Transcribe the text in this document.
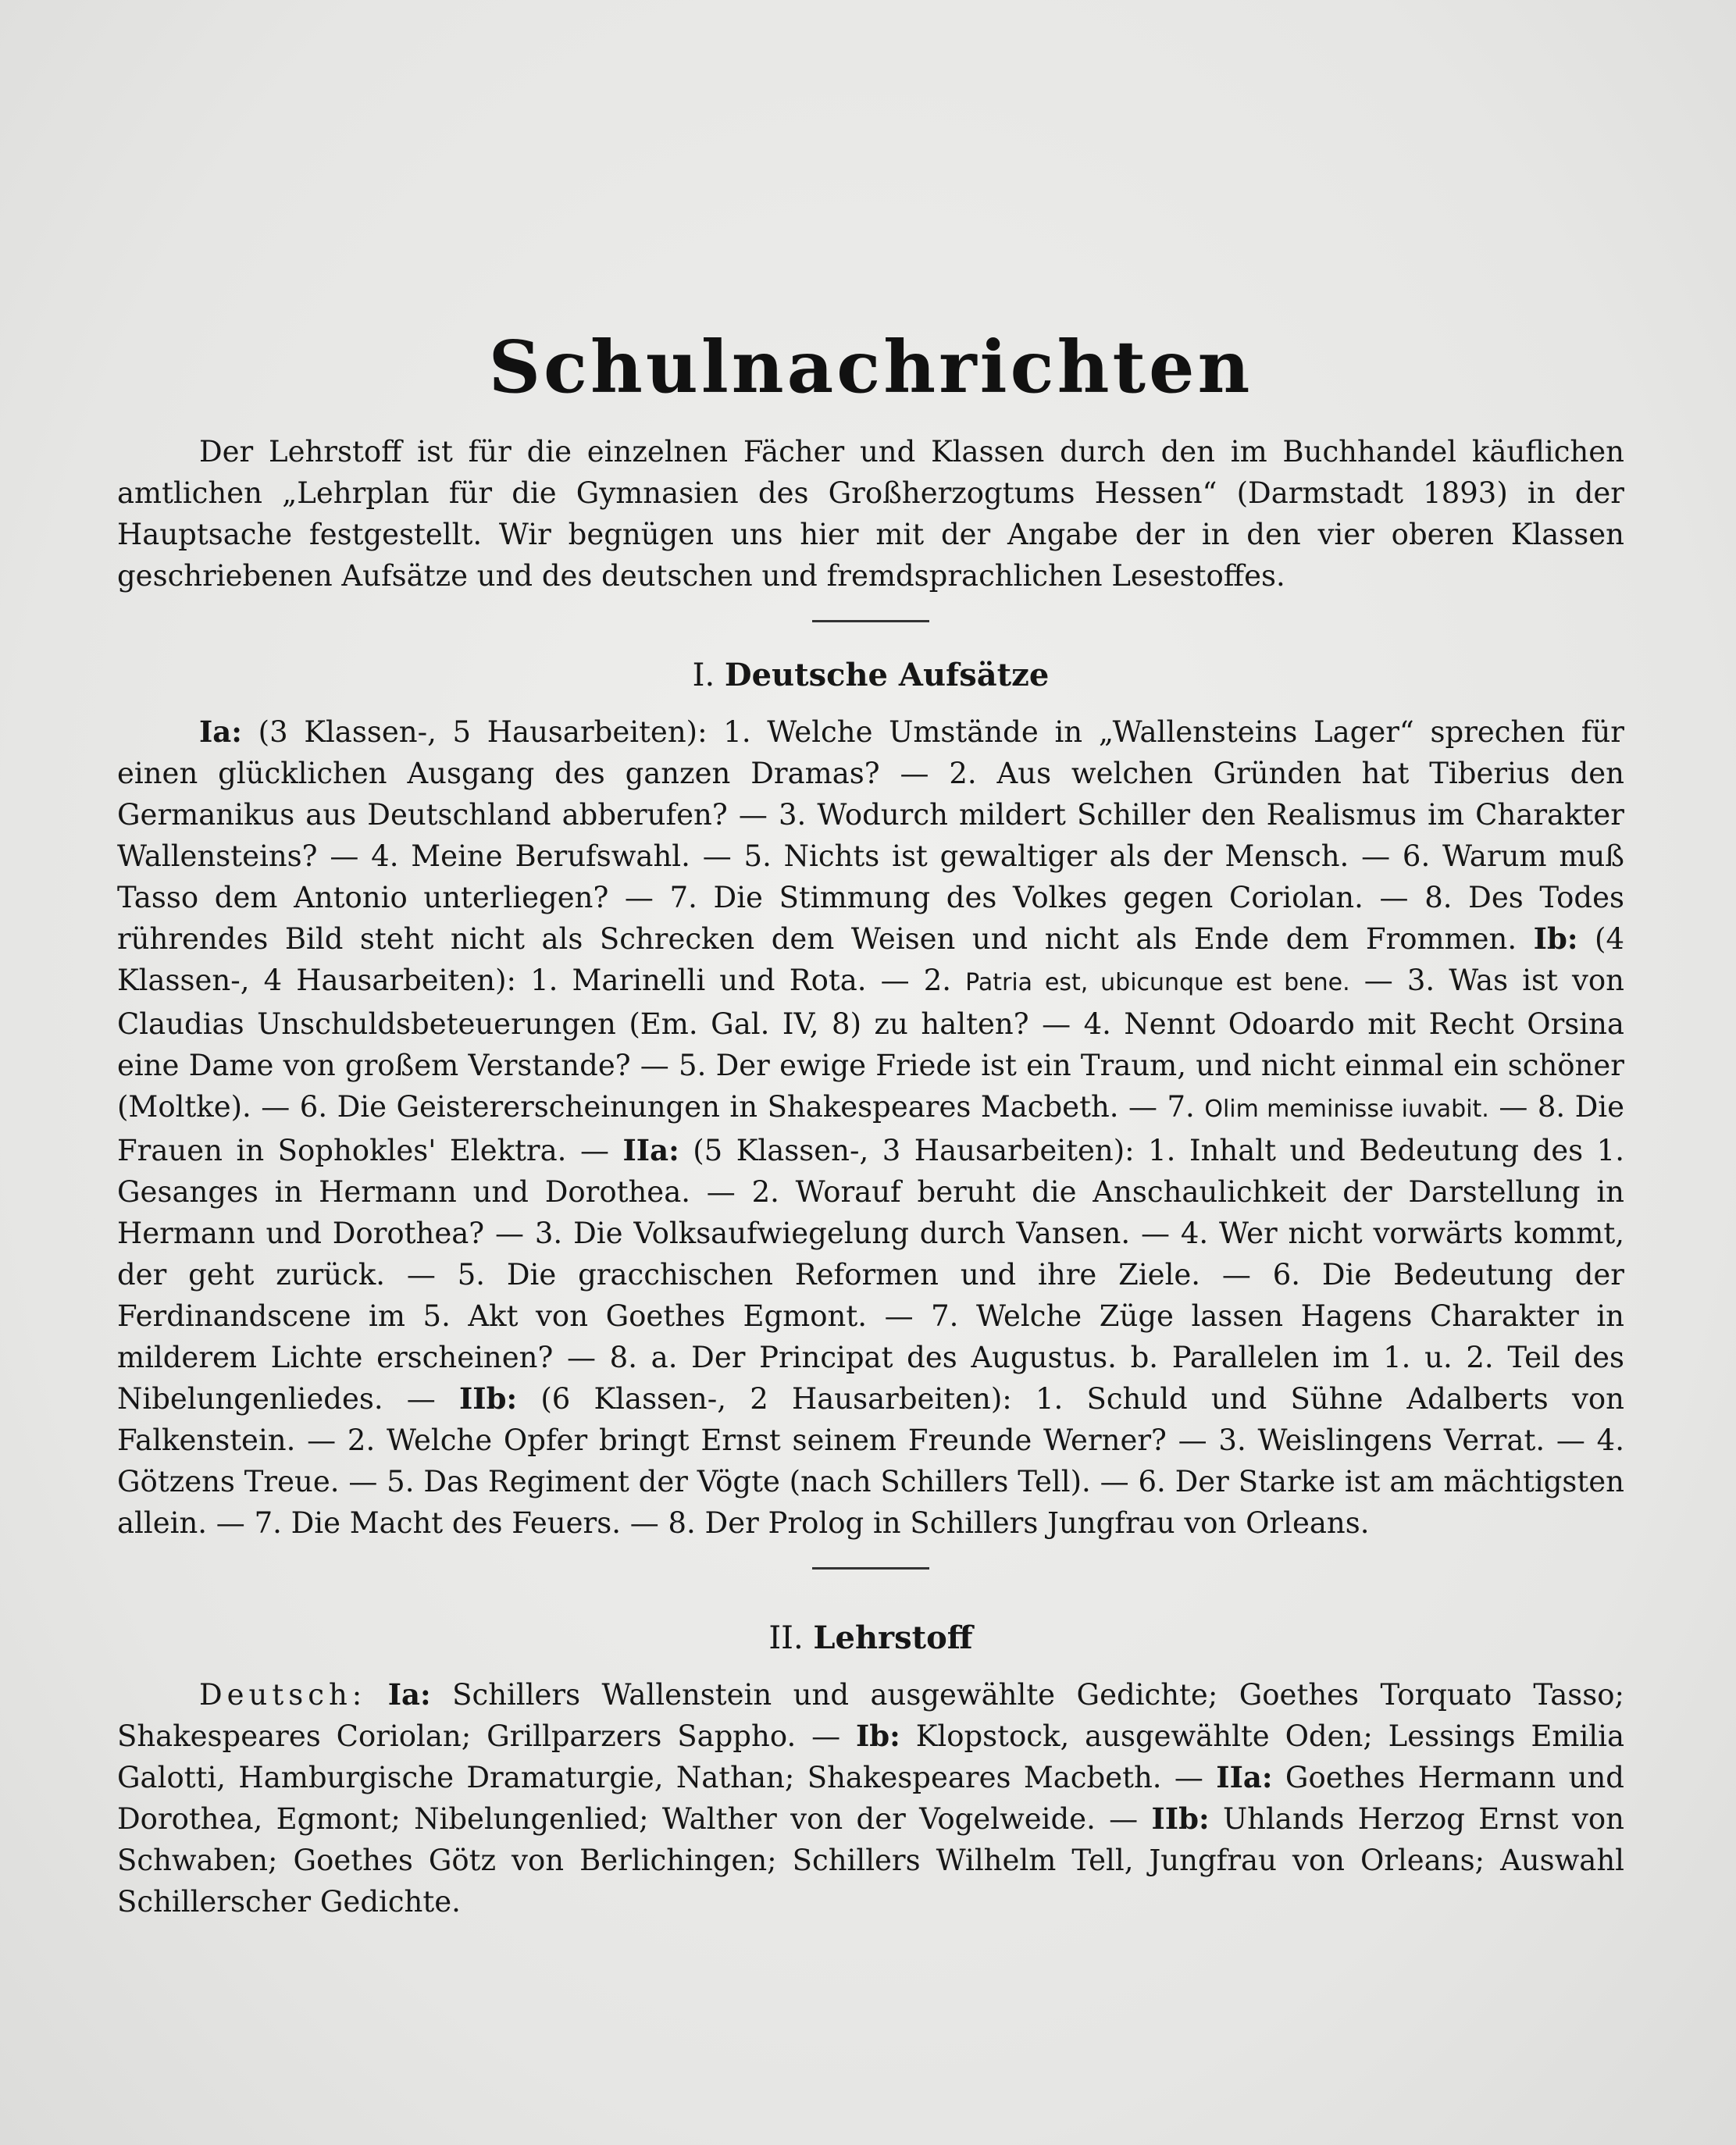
Schulnachrichten

Der Lehrstoff ist für die einzelnen Fächer und Klassen durch den im Buchhandel käuflichen amtlichen „Lehrplan für die Gymnasien des Großherzogtums Hessen“ (Darmstadt 1893) in der Hauptsache festgestellt. Wir begnügen uns hier mit der Angabe der in den vier oberen Klassen geschriebenen Aufsätze und des deutschen und fremdsprachlichen Lesestoffes.

I. Deutsche Aufsätze

Ia: (3 Klassen-, 5 Hausarbeiten): 1. Welche Umstände in „Wallensteins Lager“ sprechen für einen glücklichen Ausgang des ganzen Dramas? — 2. Aus welchen Gründen hat Tiberius den Germanikus aus Deutschland abberufen? — 3. Wodurch mildert Schiller den Realismus im Charakter Wallensteins? — 4. Meine Berufswahl. — 5. Nichts ist gewaltiger als der Mensch. — 6. Warum muß Tasso dem Antonio unterliegen? — 7. Die Stimmung des Volkes gegen Coriolan. — 8. Des Todes rührendes Bild steht nicht als Schrecken dem Weisen und nicht als Ende dem Frommen. Ib: (4 Klassen-, 4 Hausarbeiten): 1. Marinelli und Rota. — 2. Patria est, ubicunque est bene. — 3. Was ist von Claudias Unschuldsbeteuerungen (Em. Gal. IV, 8) zu halten? — 4. Nennt Odoardo mit Recht Orsina eine Dame von großem Verstande? — 5. Der ewige Friede ist ein Traum, und nicht einmal ein schöner (Moltke). — 6. Die Geistererscheinungen in Shakespeares Macbeth. — 7. Olim meminisse iuvabit. — 8. Die Frauen in Sophokles' Elektra. — IIa: (5 Klassen-, 3 Hausarbeiten): 1. Inhalt und Bedeutung des 1. Gesanges in Hermann und Dorothea. — 2. Worauf beruht die Anschaulichkeit der Darstellung in Hermann und Dorothea? — 3. Die Volksaufwiegelung durch Vansen. — 4. Wer nicht vorwärts kommt, der geht zurück. — 5. Die gracchischen Reformen und ihre Ziele. — 6. Die Bedeutung der Ferdinandscene im 5. Akt von Goethes Egmont. — 7. Welche Züge lassen Hagens Charakter in milderem Lichte erscheinen? — 8. a. Der Principat des Augustus. b. Parallelen im 1. u. 2. Teil des Nibelungenliedes. — IIb: (6 Klassen-, 2 Hausarbeiten): 1. Schuld und Sühne Adalberts von Falkenstein. — 2. Welche Opfer bringt Ernst seinem Freunde Werner? — 3. Weislingens Verrat. — 4. Götzens Treue. — 5. Das Regiment der Vögte (nach Schillers Tell). — 6. Der Starke ist am mächtigsten allein. — 7. Die Macht des Feuers. — 8. Der Prolog in Schillers Jungfrau von Orleans.

II. Lehrstoff

Deutsch: Ia: Schillers Wallenstein und ausgewählte Gedichte; Goethes Torquato Tasso; Shakespeares Coriolan; Grillparzers Sappho. — Ib: Klopstock, ausgewählte Oden; Lessings Emilia Galotti, Hamburgische Dramaturgie, Nathan; Shakespeares Macbeth. — IIa: Goethes Hermann und Dorothea, Egmont; Nibelungenlied; Walther von der Vogelweide. — IIb: Uhlands Herzog Ernst von Schwaben; Goethes Götz von Berlichingen; Schillers Wilhelm Tell, Jungfrau von Orleans; Auswahl Schillerscher Gedichte.
